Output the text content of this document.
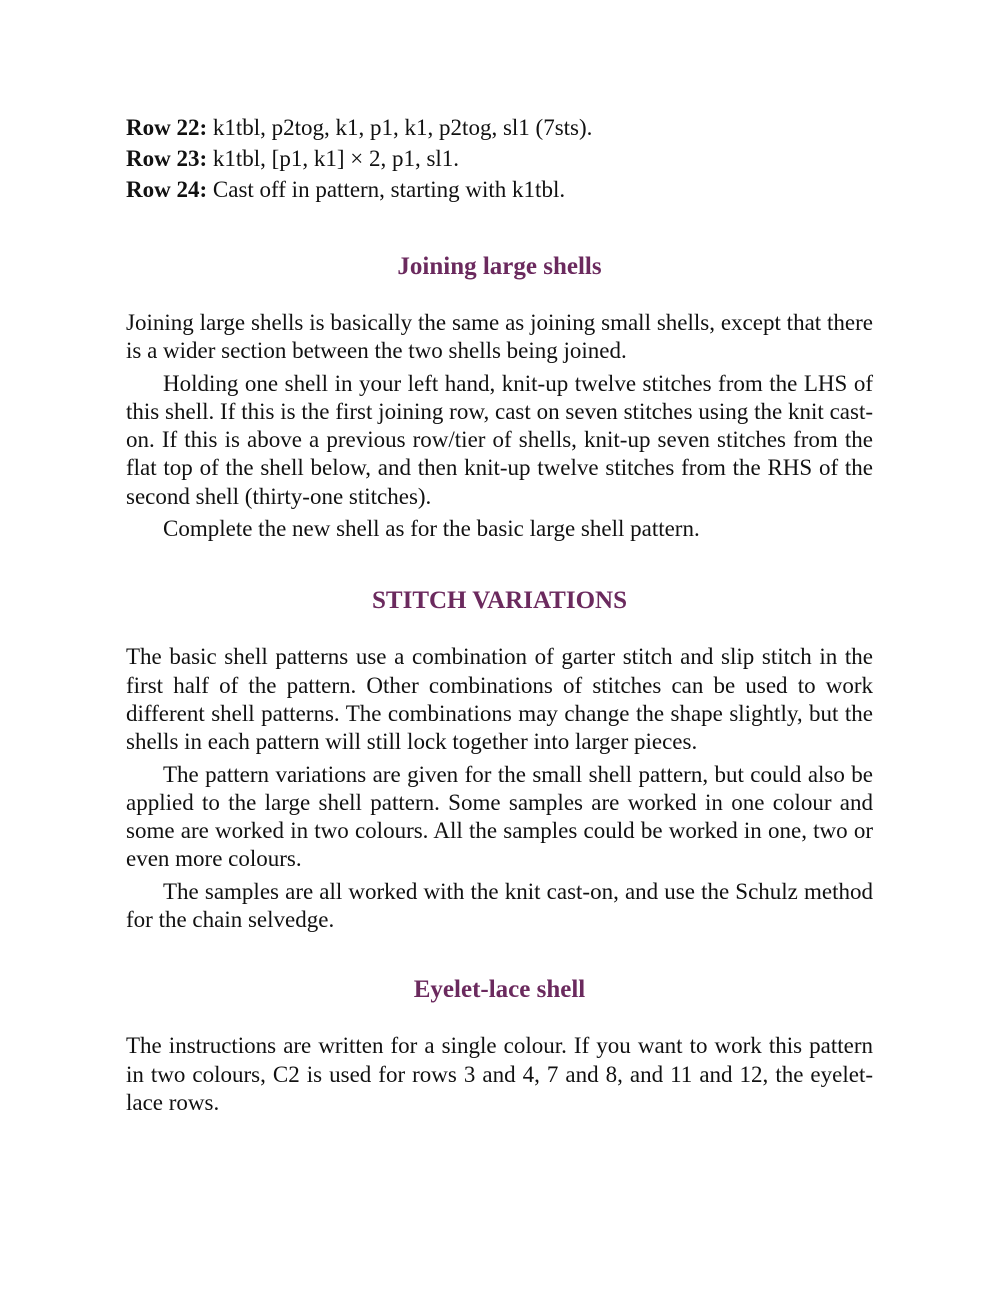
Row 22: k1tbl, p2tog, k1, p1, k1, p2tog, sl1 (7sts).
Row 23: k1tbl, [p1, k1] × 2, p1, sl1.
Row 24: Cast off in pattern, starting with k1tbl.
Joining large shells

Joining large shells is basically the same as joining small shells, except that there is a wider section between the two shells being joined.

Holding one shell in your left hand, knit-up twelve stitches from the LHS of this shell. If this is the first joining row, cast on seven stitches using the knit cast-on. If this is above a previous row/tier of shells, knit-up seven stitches from the flat top of the shell below, and then knit-up twelve stitches from the RHS of the second shell (thirty-one stitches).

Complete the new shell as for the basic large shell pattern.

STITCH VARIATIONS

The basic shell patterns use a combination of garter stitch and slip stitch in the first half of the pattern. Other combinations of stitches can be used to work different shell patterns. The combinations may change the shape slightly, but the shells in each pattern will still lock together into larger pieces.

The pattern variations are given for the small shell pattern, but could also be applied to the large shell pattern. Some samples are worked in one colour and some are worked in two colours. All the samples could be worked in one, two or even more colours.

The samples are all worked with the knit cast-on, and use the Schulz method for the chain selvedge.

Eyelet-lace shell

The instructions are written for a single colour. If you want to work this pattern in two colours, C2 is used for rows 3 and 4, 7 and 8, and 11 and 12, the eyelet-lace rows.
